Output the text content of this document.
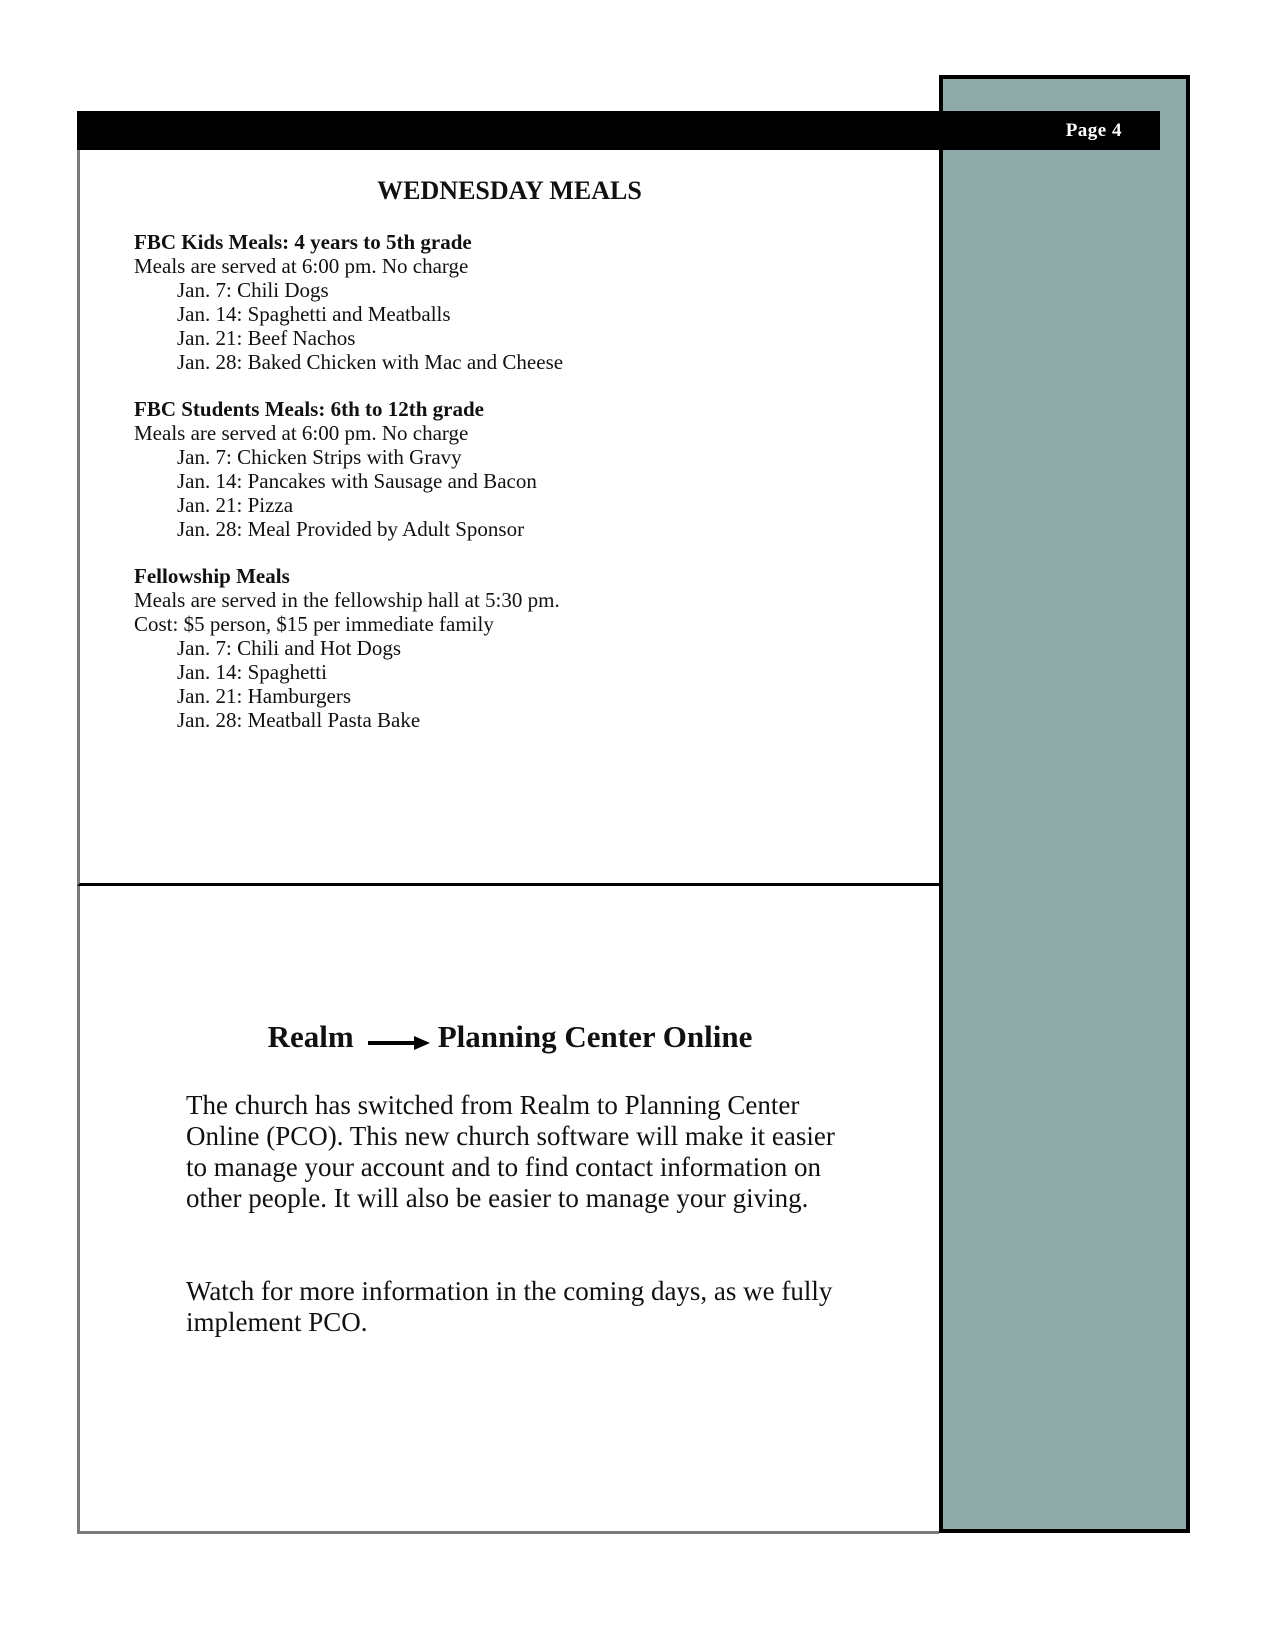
Page 4
WEDNESDAY MEALS
FBC Kids Meals: 4 years to 5th grade
Meals are served at 6:00 pm. No charge
Jan. 7: Chili Dogs
Jan. 14: Spaghetti and Meatballs
Jan. 21: Beef Nachos
Jan. 28: Baked Chicken with Mac and Cheese
FBC Students Meals: 6th to 12th grade
Meals are served at 6:00 pm. No charge
Jan. 7: Chicken Strips with Gravy
Jan. 14: Pancakes with Sausage and Bacon
Jan. 21: Pizza
Jan. 28: Meal Provided by Adult Sponsor
Fellowship Meals
Meals are served in the fellowship hall at 5:30 pm.
Cost: $5 person, $15 per immediate family
Jan. 7: Chili and Hot Dogs
Jan. 14: Spaghetti
Jan. 21: Hamburgers
Jan. 28: Meatball Pasta Bake
Realm	Planning Center Online

The church has switched from Realm to Planning Center Online (PCO). This new church software will make it easier to manage your account and to find contact information on other people. It will also be easier to manage your giving.

Watch for more information in the coming days, as we fully implement PCO.
